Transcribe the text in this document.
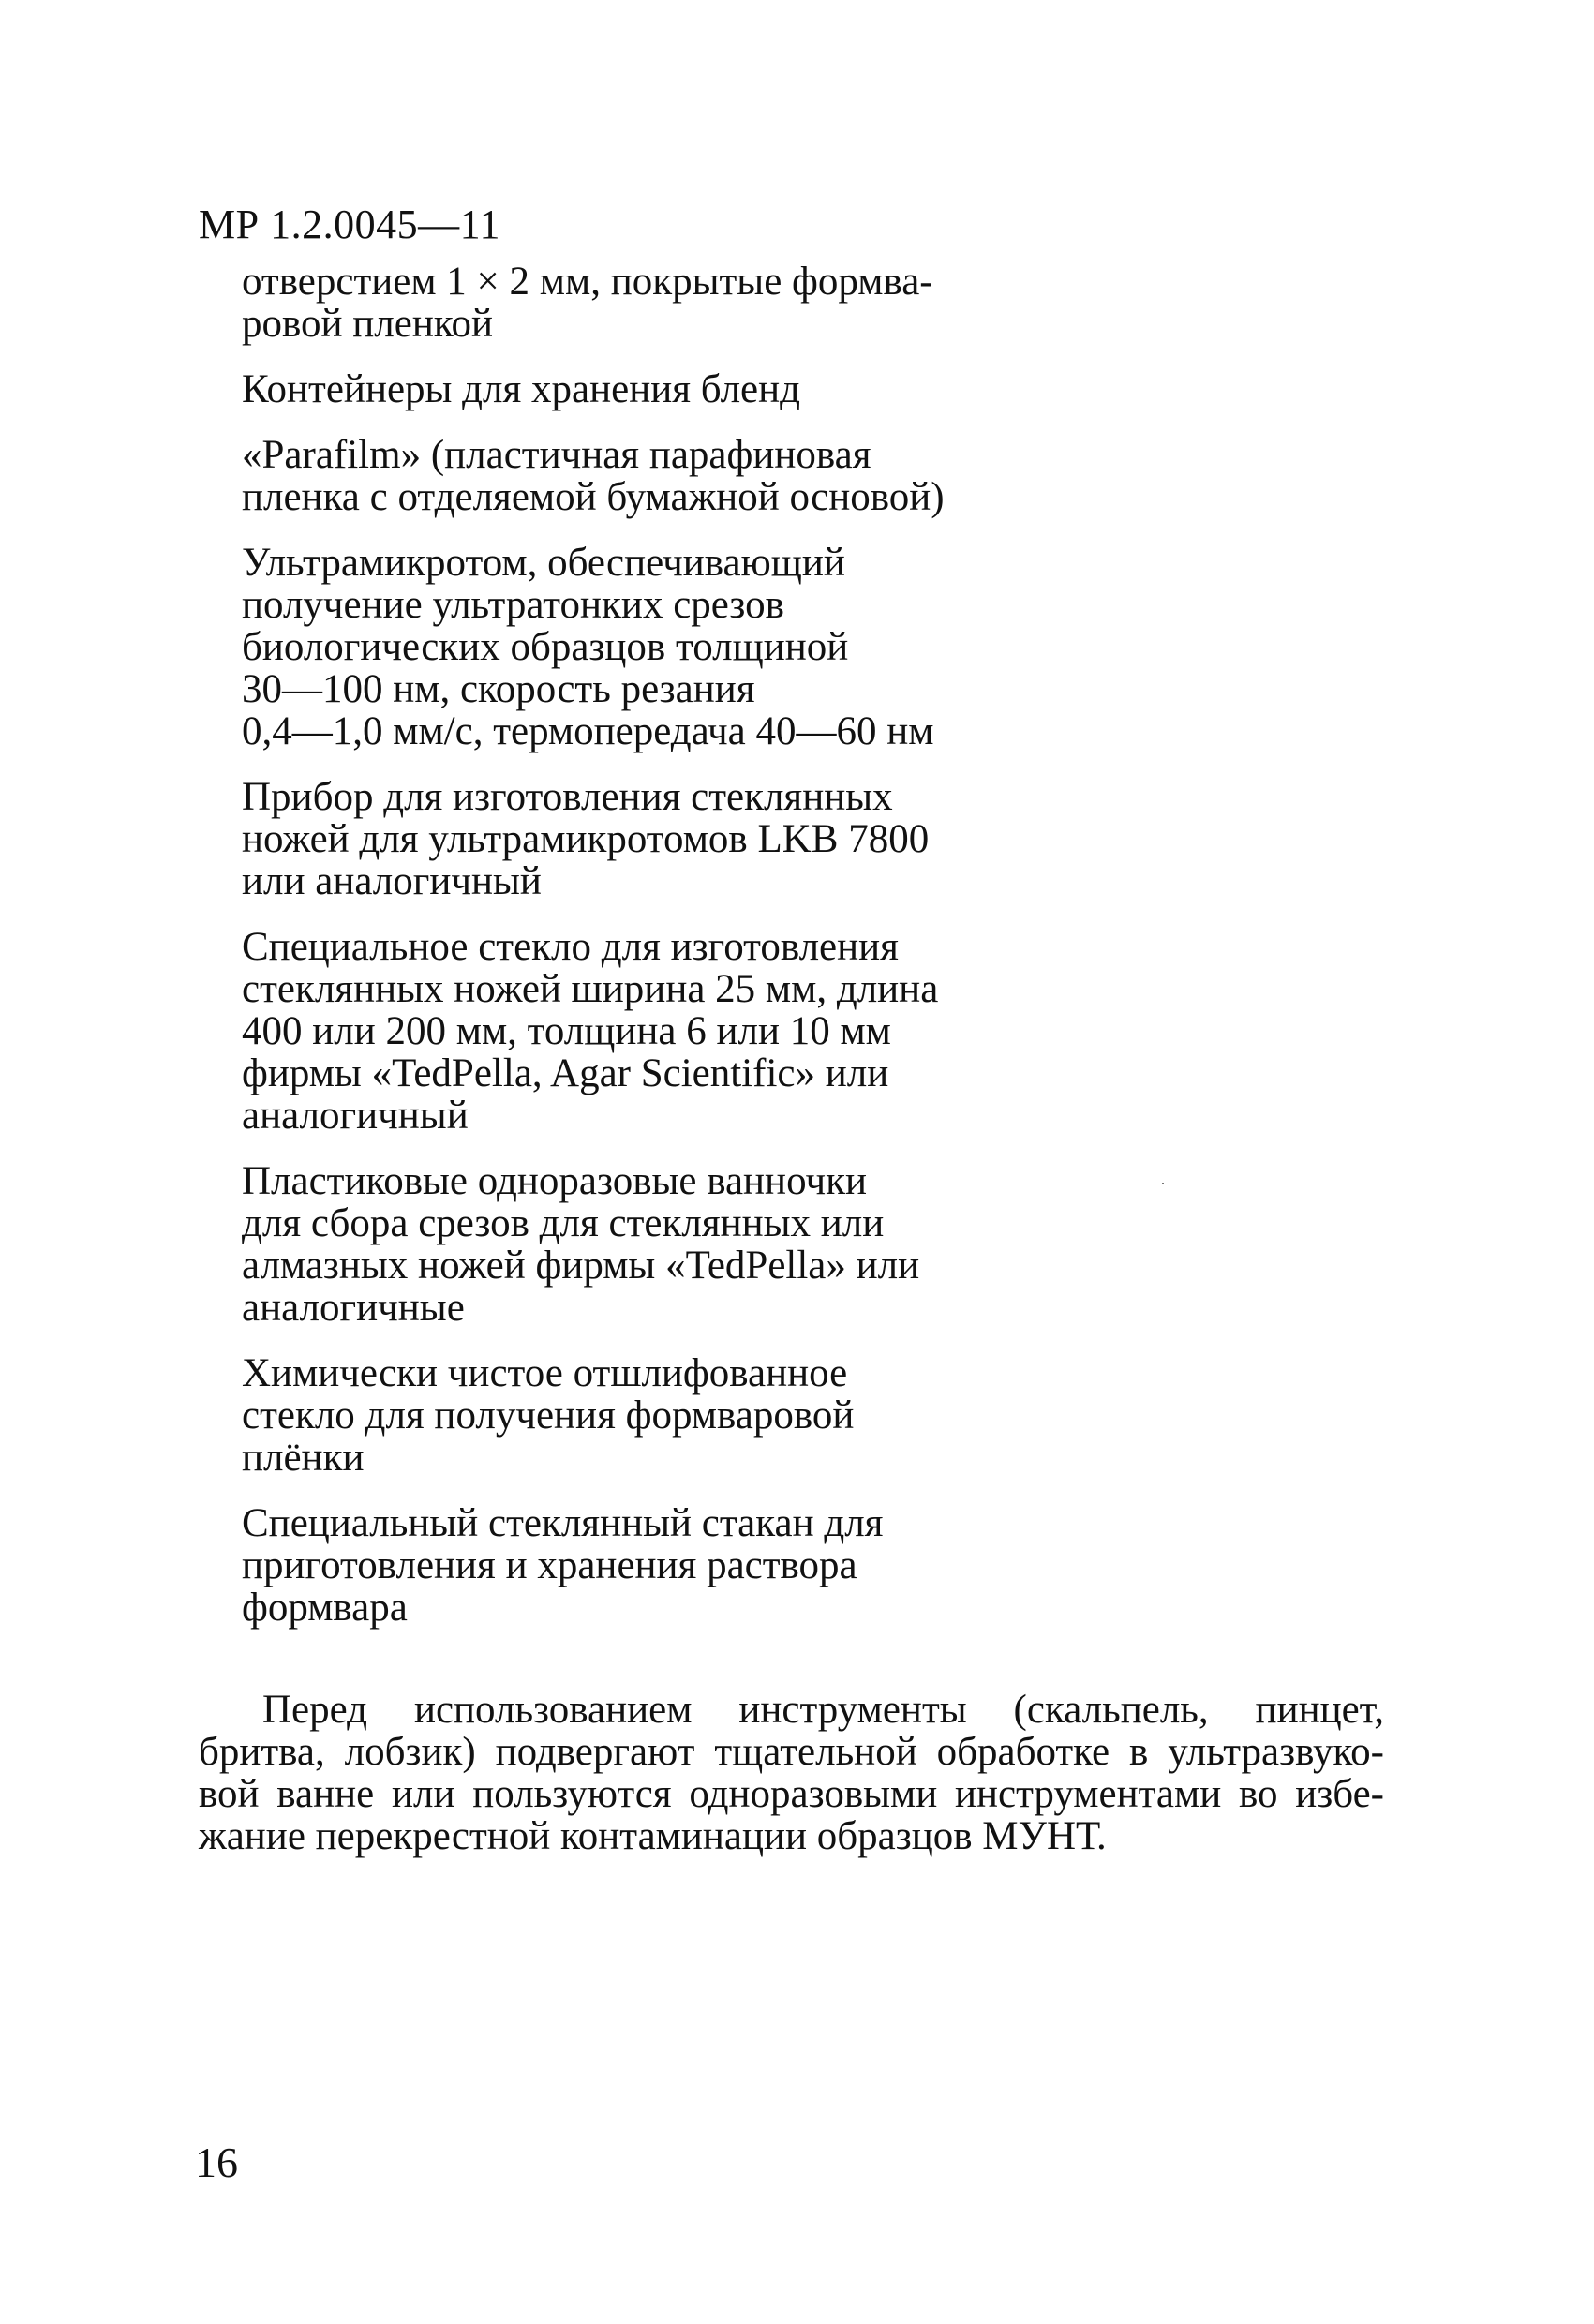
МР 1.2.0045—11
отверстием 1 × 2 мм, покрытые формва-
ровой пленкой
Контейнеры для хранения бленд
«Parafilm» (пластичная парафиновая
пленка с отделяемой бумажной основой)
Ультрамикротом, обеспечивающий
получение ультратонких срезов
биологических образцов толщиной
30—100 нм, скорость резания
0,4—1,0 мм/с, термопередача 40—60 нм
Прибор для изготовления стеклянных
ножей для ультрамикротомов LKB 7800
или аналогичный
Специальное стекло для изготовления
стеклянных ножей ширина 25 мм, длина
400 или 200 мм, толщина 6 или 10 мм
фирмы «TedPella, Agar Scientific» или
аналогичный
Пластиковые одноразовые ванночки
для сбора срезов для стеклянных или
алмазных ножей фирмы «TedPella» или
аналогичные
Химически чистое отшлифованное
стекло для получения формваровой
плёнки
Специальный стеклянный стакан для
приготовления и хранения раствора
формвара
Перед использованием инструменты (скальпель, пинцет,
бритва, лобзик) подвергают тщательной обработке в ультразвуко-
вой ванне или пользуются одноразовыми инструментами во избе-
жание перекрестной контаминации образцов МУНТ.
16
